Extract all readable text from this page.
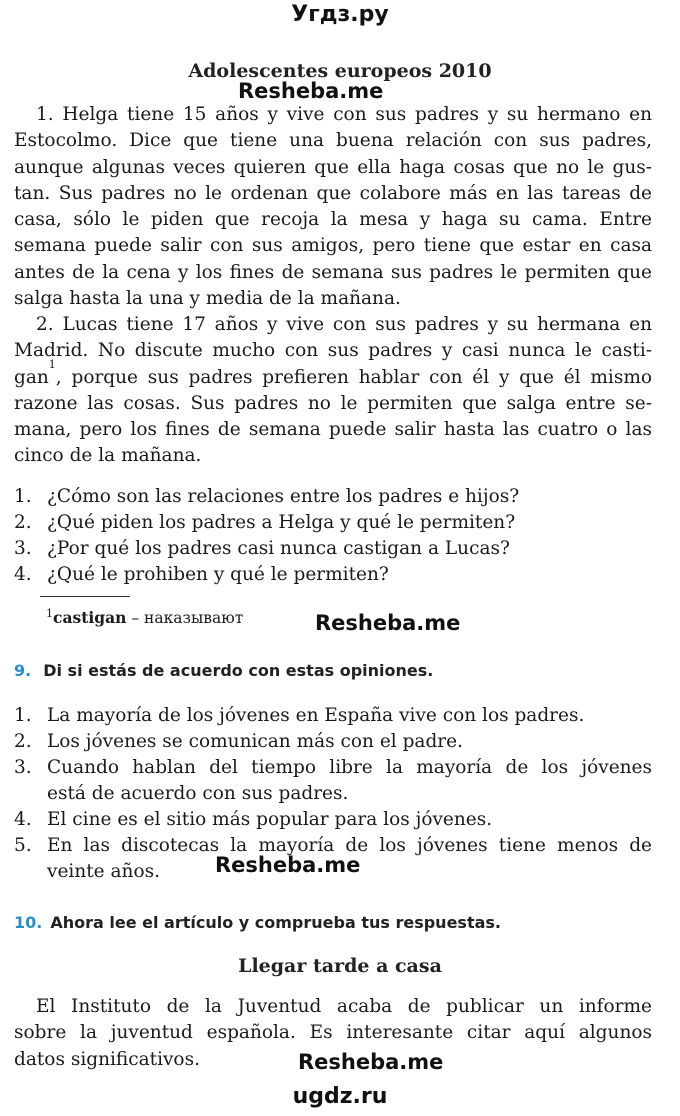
Угдз.ру
Adolescentes europeos 2010
Resheba.me
1. Helga tiene 15 años y vive con sus padres y su hermano en
Estocolmo. Dice que tiene una buena relación con sus padres,
aunque algunas veces quieren que ella haga cosas que no le gus-
tan. Sus padres no le ordenan que colabore más en las tareas de
casa, sólo le piden que recoja la mesa y haga su cama. Entre
semana puede salir con sus amigos, pero tiene que estar en casa
antes de la cena y los fines de semana sus padres le permiten que
salga hasta la una y media de la mañana.
2. Lucas tiene 17 años y vive con sus padres y su hermana en
Madrid. No discute mucho con sus padres y casi nunca le casti-
gan
1
, porque sus padres prefieren hablar con él y que él mismo
razone las cosas. Sus padres no le permiten que salga entre se-
mana, pero los fines de semana puede salir hasta las cuatro o las
cinco de la mañana.
1. ¿Cómo son las relaciones entre los padres e hijos?
2. ¿Qué piden los padres a Helga y qué le permiten?
3. ¿Por qué los padres casi nunca castigan a Lucas?
4. ¿Qué le prohiben y qué le permiten?
$^1$castigan – наказывают	Resheba.me
9. Di si estás de acuerdo con estas opiniones.
1. La mayoría de los jóvenes en España vive con los padres.
2. Los jóvenes se comunican más con el padre.
3. Cuando hablan del tiempo libre la mayoría de los jóvenes
está de acuerdo con sus padres.
4. El cine es el sitio más popular para los jóvenes.
5. En las discotecas la mayoría de los jóvenes tiene menos de
veinte años.	Resheba.me
10. Ahora lee el artículo y comprueba tus respuestas.
Llegar tarde a casa
El Instituto de la Juventud acaba de publicar un informe
sobre la juventud española. Es interesante citar aquí algunos
datos significativos.	Resheba.me
ugdz.ru
